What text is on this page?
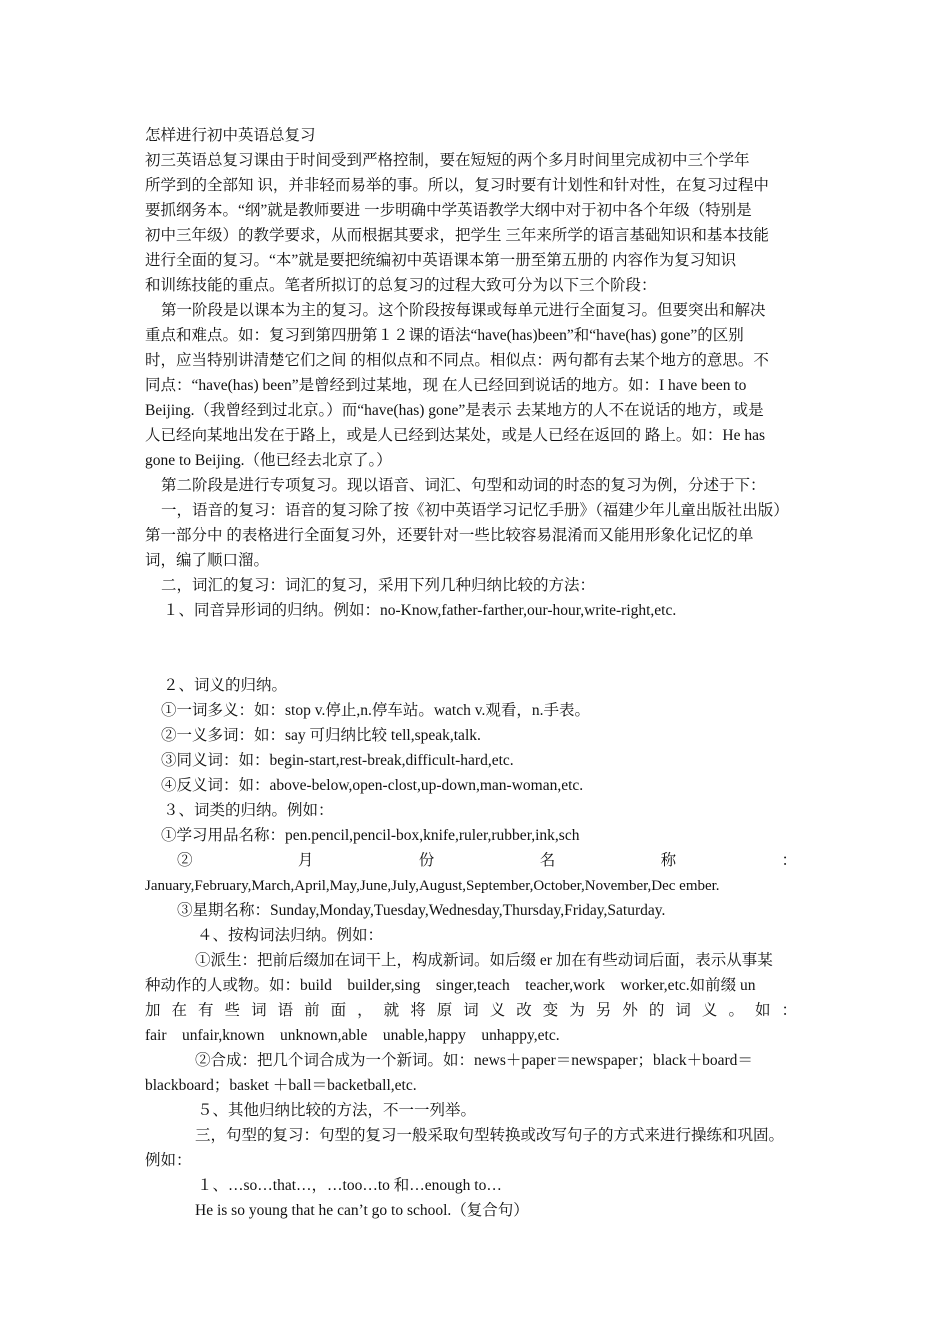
怎样进行初中英语总复习
初三英语总复习课由于时间受到严格控制，要在短短的两个多月时间里完成初中三个学年
所学到的全部知 识，并非轻而易举的事。所以，复习时要有计划性和针对性，在复习过程中
要抓纲务本。“纲”就是教师要进 一步明确中学英语教学大纲中对于初中各个年级（特别是
初中三年级）的教学要求，从而根据其要求，把学生 三年来所学的语言基础知识和基本技能
进行全面的复习。“本”就是要把统编初中英语课本第一册至第五册的 内容作为复习知识
和训练技能的重点。笔者所拟订的总复习的过程大致可分为以下三个阶段：
第一阶段是以课本为主的复习。这个阶段按每课或每单元进行全面复习。但要突出和解决
重点和难点。如：复习到第四册第１２课的语法“have(has)been”和“have(has) gone”的区别
时，应当特别讲清楚它们之间 的相似点和不同点。相似点：两句都有去某个地方的意思。不
同点：“have(has) been”是曾经到过某地，现 在人已经回到说话的地方。如：I have been to
Beijing.（我曾经到过北京。）而“have(has) gone”是表示 去某地方的人不在说话的地方，或是
人已经向某地出发在于路上，或是人已经到达某处，或是人已经在返回的 路上。如：He has
gone to Beijing.（他已经去北京了。）
第二阶段是进行专项复习。现以语音、词汇、句型和动词的时态的复习为例，分述于下：
一，语音的复习：语音的复习除了按《初中英语学习记忆手册》（福建少年儿童出版社出版）
第一部分中 的表格进行全面复习外，还要针对一些比较容易混淆而又能用形象化记忆的单
词，编了顺口溜。
二，词汇的复习：词汇的复习，采用下列几种归纳比较的方法：
１、同音异形词的归纳。例如：no-Know,father-farther,our-hour,write-right,etc.
２、词义的归纳。
①一词多义：如：stop v.停止,n.停车站。watch v.观看，n.手表。
②一义多词：如：say 可归纳比较 tell,speak,talk.
③同义词：如：begin-start,rest-break,difficult-hard,etc.
④反义词：如：above-below,open-clost,up-down,man-woman,etc.
３、词类的归纳。例如：
①学习用品名称：pen.pencil,pencil-box,knife,ruler,rubber,ink,sch
② 月 份 名 称 ：
January,February,March,April,May,June,July,August,September,October,November,Dec ember.
③星期名称：Sunday,Monday,Tuesday,Wednesday,Thursday,Friday,Saturday.
４、按构词法归纳。例如：
①派生：把前后缀加在词干上，构成新词。如后缀 er 加在有些动词后面，表示从事某
种动作的人或物。如：build　builder,sing　singer,teach　teacher,work　worker,etc.如前缀 un
加 在 有 些 词 语 前 面 ， 就 将 原 词 义 改 变 为 另 外 的 词 义 。 如 ：
fair　unfair,known　unknown,able　unable,happy　unhappy,etc.
②合成：把几个词合成为一个新词。如：news＋paper＝newspaper；black＋board＝
blackboard；basket ＋ball＝backetball,etc.
５、其他归纳比较的方法，不一一列举。
三，句型的复习：句型的复习一般采取句型转换或改写句子的方式来进行操练和巩固。
例如：
１、…so…that…，…too…to 和…enough to…
He is so young that he can’t go to school.（复合句）
